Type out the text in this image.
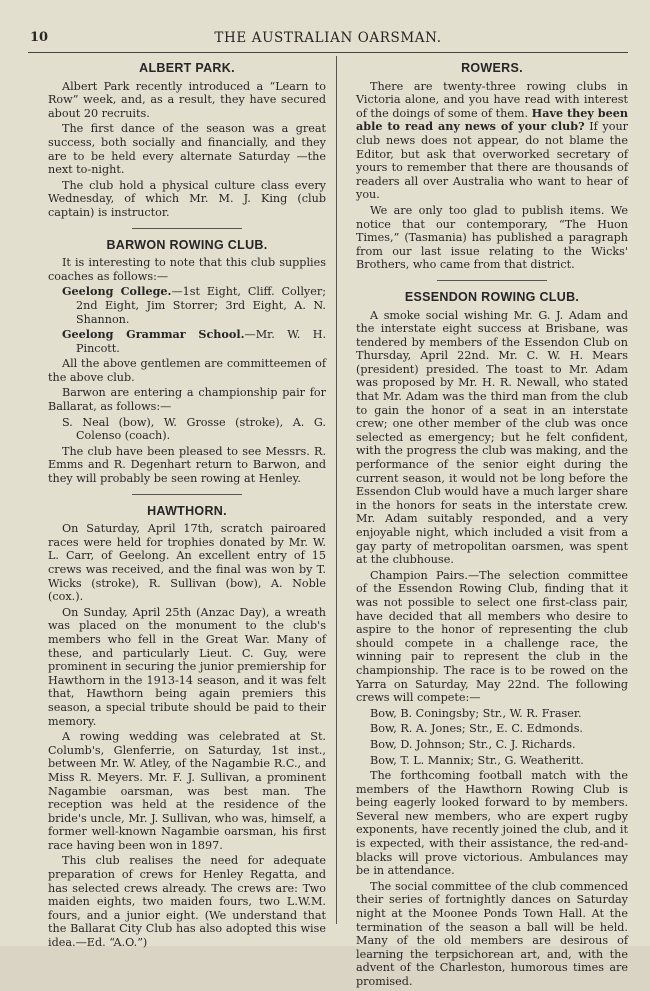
10	THE AUSTRALIAN OARSMAN.
ALBERT PARK.

Albert Park recently introduced a “Learn to Row” week, and, as a result, they have secured about 20 recruits.

The first dance of the season was a great success, both socially and financially, and they are to be held every alternate Saturday —the next to-night.

The club hold a physical culture class every Wednesday, of which Mr. M. J. King (club captain) is instructor.

BARWON ROWING CLUB.

It is interesting to note that this club supplies coaches as follows:—

Geelong College.—1st Eight, Cliff. Collyer; 2nd Eight, Jim Storrer; 3rd Eight, A. N. Shannon.

Geelong Grammar School.—Mr. W. H. Pincott.

All the above gentlemen are committeemen of the above club.

Barwon are entering a championship pair for Ballarat, as follows:—

S. Neal (bow), W. Grosse (stroke), A. G. Colenso (coach).

The club have been pleased to see Messrs. R. Emms and R. Degenhart return to Barwon, and they will probably be seen rowing at Henley.

HAWTHORN.

On Saturday, April 17th, scratch pairoared races were held for trophies donated by Mr. W. L. Carr, of Geelong. An excellent entry of 15 crews was received, and the final was won by T. Wicks (stroke), R. Sullivan (bow), A. Noble (cox.).

On Sunday, April 25th (Anzac Day), a wreath was placed on the monument to the club's members who fell in the Great War. Many of these, and particularly Lieut. C. Guy, were prominent in securing the junior premiership for Hawthorn in the 1913-14 season, and it was felt that, Hawthorn being again premiers this season, a special tribute should be paid to their memory.

A rowing wedding was celebrated at St. Columb's, Glenferrie, on Saturday, 1st inst., between Mr. W. Atley, of the Nagambie R.C., and Miss R. Meyers. Mr. F. J. Sullivan, a prominent Nagambie oarsman, was best man. The reception was held at the residence of the bride's uncle, Mr. J. Sullivan, who was, himself, a former well-known Nagambie oarsman, his first race having been won in 1897.

This club realises the need for adequate preparation of crews for Henley Regatta, and has selected crews already. The crews are: Two maiden eights, two maiden fours, two L.W.M. fours, and a junior eight. (We understand that the Ballarat City Club has also adopted this wise idea.—Ed. “A.O.”)

ROWERS.

There are twenty-three rowing clubs in Victoria alone, and you have read with interest of the doings of some of them. Have they been able to read any news of your club? If your club news does not appear, do not blame the Editor, but ask that overworked secretary of yours to remember that there are thousands of readers all over Australia who want to hear of you.

We are only too glad to publish items. We notice that our contemporary, “The Huon Times,” (Tasmania) has published a paragraph from our last issue relating to the Wicks' Brothers, who came from that district.

ESSENDON ROWING CLUB.

A smoke social wishing Mr. G. J. Adam and the interstate eight success at Brisbane, was tendered by members of the Essendon Club on Thursday, April 22nd. Mr. C. W. H. Mears (president) presided. The toast to Mr. Adam was proposed by Mr. H. R. Newall, who stated that Mr. Adam was the third man from the club to gain the honor of a seat in an interstate crew; one other member of the club was once selected as emergency; but he felt confident, with the progress the club was making, and the performance of the senior eight during the current season, it would not be long before the Essendon Club would have a much larger share in the honors for seats in the interstate crew. Mr. Adam suitably responded, and a very enjoyable night, which included a visit from a gay party of metropolitan oarsmen, was spent at the clubhouse.

Champion Pairs.—The selection committee of the Essendon Rowing Club, finding that it was not possible to select one first-class pair, have decided that all members who desire to aspire to the honor of representing the club should compete in a challenge race, the winning pair to represent the club in the championship. The race is to be rowed on the Yarra on Saturday, May 22nd. The following crews will compete:—

Bow, B. Coningsby; Str., W. R. Fraser.

Bow, R. A. Jones; Str., E. C. Edmonds.

Bow, D. Johnson; Str., C. J. Richards.

Bow, T. L. Mannix; Str., G. Weatheritt.

The forthcoming football match with the members of the Hawthorn Rowing Club is being eagerly looked forward to by members. Several new members, who are expert rugby exponents, have recently joined the club, and it is expected, with their assistance, the red-and-blacks will prove victorious. Ambulances may be in attendance.

The social committee of the club commenced their series of fortnightly dances on Saturday night at the Moonee Ponds Town Hall. At the termination of the season a ball will be held. Many of the old members are desirous of learning the terpsichorean art, and, with the advent of the Charleston, humorous times are promised.
